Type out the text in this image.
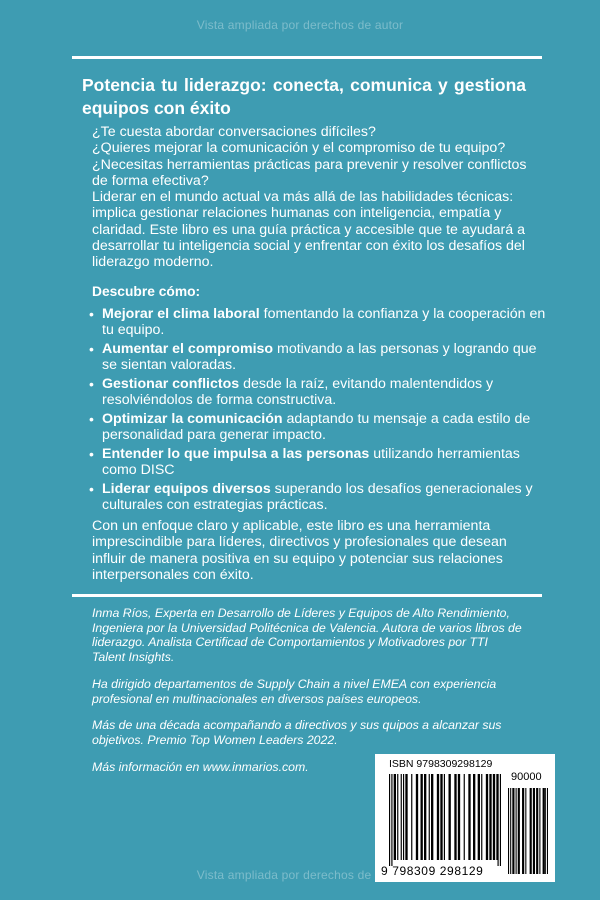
Vista ampliada por derechos de autor
Potencia tu liderazgo: conecta, comunica y gestiona equipos con éxito

¿Te cuesta abordar conversaciones difíciles?

¿Quieres mejorar la comunicación y el compromiso de tu equipo?

¿Necesitas herramientas prácticas para prevenir y resolver conflictos de forma efectiva?

Liderar en el mundo actual va más allá de las habilidades técnicas: implica gestionar relaciones humanas con inteligencia, empatía y claridad. Este libro es una guía práctica y accesible que te ayudará a desarrollar tu inteligencia social y enfrentar con éxito los desafíos del liderazgo moderno.

Descubre cómo:
• Mejorar el clima laboral fomentando la confianza y la cooperación en tu equipo.
• Aumentar el compromiso motivando a las personas y logrando que se sientan valoradas.
• Gestionar conflictos desde la raíz, evitando malentendidos y resolviéndolos de forma constructiva.
• Optimizar la comunicación adaptando tu mensaje a cada estilo de personalidad para generar impacto.
• Entender lo que impulsa a las personas utilizando herramientas como DISC
• Liderar equipos diversos superando los desafíos generacionales y culturales con estrategias prácticas.

Con un enfoque claro y aplicable, este libro es una herramienta imprescindible para líderes, directivos y profesionales que desean influir de manera positiva en su equipo y potenciar sus relaciones interpersonales con éxito.

Inma Ríos, Experta en Desarrollo de Líderes y Equipos de Alto Rendimiento, Ingeniera por la Universidad Politécnica de Valencia. Autora de varios libros de liderazgo. Analista Certificad de Comportamientos y Motivadores por TTI Talent Insights.

Ha dirigido departamentos de Supply Chain a nivel EMEA con experiencia profesional en multinacionales en diversos países europeos.

Más de una década acompañando a directivos y sus quipos a alcanzar sus objetivos. Premio Top Women Leaders 2022.

Más información en www.inmarios.com.	ISBN 9798309298129
90000
9 798309 298129
Vista ampliada por derechos de autor
